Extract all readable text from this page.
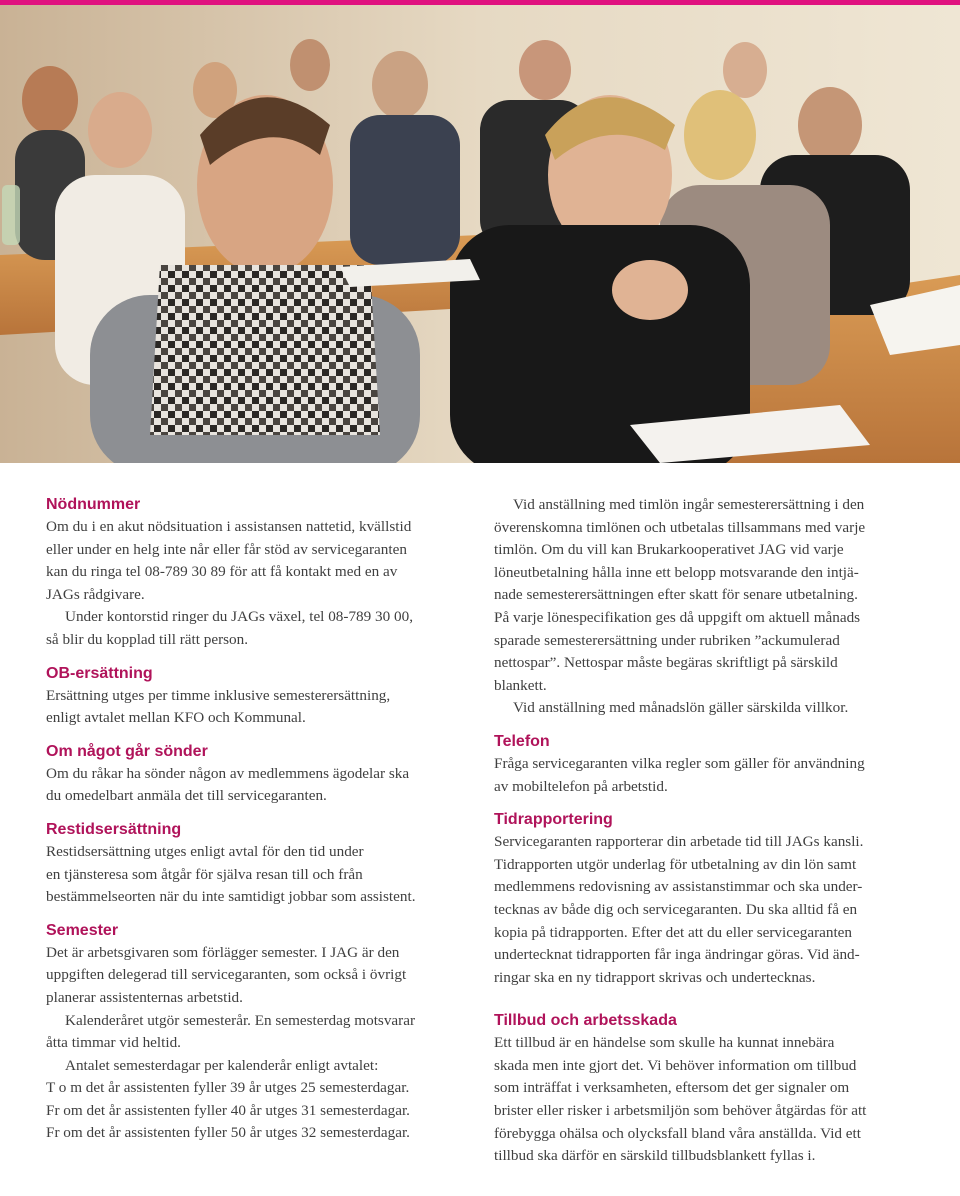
Nödnummer

Om du i en akut nödsituation i assistansen nattetid, kvällstid
eller under en helg inte når eller får stöd av servicegaranten
kan du ringa tel 08-789 30 89 för att få kontakt med en av
JAGs rådgivare.

Under kontorstid ringer du JAGs växel, tel 08-789 30 00,
så blir du kopplad till rätt person.

OB-ersättning

Ersättning utges per timme inklusive semesterersättning,
enligt avtalet mellan KFO och Kommunal.

Om något går sönder

Om du råkar ha sönder någon av medlemmens ägodelar ska
du omedelbart anmäla det till servicegaranten.

Restidsersättning

Restidsersättning utges enligt avtal för den tid under
en tjänsteresa som åtgår för själva resan till och från
bestämmelseorten när du inte samtidigt jobbar som assistent.

Semester

Det är arbetsgivaren som förlägger semester. I JAG är den
uppgiften delegerad till servicegaranten, som också i övrigt
planerar assistenternas arbetstid.

Kalenderåret utgör semesterår. En semesterdag motsvarar
åtta timmar vid heltid.

Antalet semesterdagar per kalenderår enligt avtalet:
T o m det år assistenten fyller 39 år utges 25 semesterdagar.
Fr om det år assistenten fyller 40 år utges 31 semesterdagar.
Fr om det år assistenten fyller 50 år utges 32 semesterdagar.

Vid anställning med timlön ingår semesterersättning i den
överenskomna timlönen och utbetalas tillsammans med varje
timlön. Om du vill kan Brukarkooperativet JAG vid varje
löneutbetalning hålla inne ett belopp motsvarande den intjä-
nade semesterersättningen efter skatt för senare utbetalning.
På varje lönespecifikation ges då uppgift om aktuell månads
sparade semesterersättning under rubriken ”ackumulerad
nettospar”. Nettospar måste begäras skriftligt på särskild
blankett.

Vid anställning med månadslön gäller särskilda villkor.

Telefon

Fråga servicegaranten vilka regler som gäller för användning
av mobiltelefon på arbetstid.

Tidrapportering

Servicegaranten rapporterar din arbetade tid till JAGs kansli.
Tidrapporten utgör underlag för utbetalning av din lön samt
medlemmens redovisning av assistanstimmar och ska under-
tecknas av både dig och servicegaranten. Du ska alltid få en
kopia på tidrapporten. Efter det att du eller servicegaranten
undertecknat tidrapporten får inga ändringar göras. Vid änd-
ringar ska en ny tidrapport skrivas och undertecknas.

Tillbud och arbetsskada

Ett tillbud är en händelse som skulle ha kunnat innebära
skada men inte gjort det. Vi behöver information om tillbud
som inträffat i verksamheten, eftersom det ger signaler om
brister eller risker i arbetsmiljön som behöver åtgärdas för att
förebygga ohälsa och olycksfall bland våra anställda. Vid ett
tillbud ska därför en särskild tillbudsblankett fyllas i.
